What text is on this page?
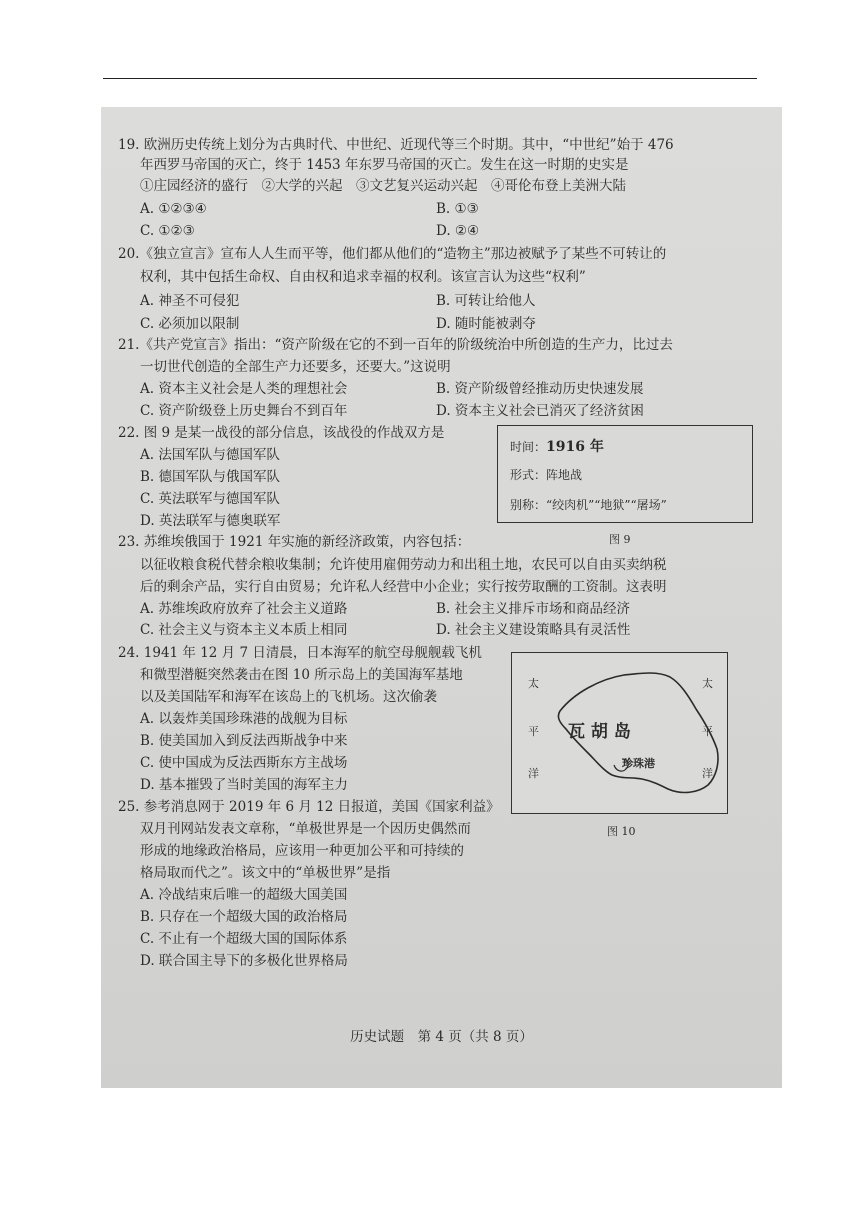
19. 欧洲历史传统上划分为古典时代、中世纪、近现代等三个时期。其中，“中世纪”始于 476
年西罗马帝国的灭亡，终于 1453 年东罗马帝国的灭亡。发生在这一时期的史实是
①庄园经济的盛行　②大学的兴起　③文艺复兴运动兴起　④哥伦布登上美洲大陆
A. ①②③④	B. ①③
C. ①②③	D. ②④
20.《独立宣言》宣布人人生而平等，他们都从他们的“造物主”那边被赋予了某些不可转让的
权利，其中包括生命权、自由权和追求幸福的权利。该宣言认为这些“权利”
A. 神圣不可侵犯	B. 可转让给他人
C. 必须加以限制	D. 随时能被剥夺
21.《共产党宣言》指出：“资产阶级在它的不到一百年的阶级统治中所创造的生产力，比过去
一切世代创造的全部生产力还要多，还要大。”这说明
A. 资本主义社会是人类的理想社会	B. 资产阶级曾经推动历史快速发展
C. 资产阶级登上历史舞台不到百年	D. 资本主义社会已消灭了经济贫困
22. 图 9 是某一战役的部分信息，该战役的作战双方是
A. 法国军队与德国军队
B. 德国军队与俄国军队
C. 英法联军与德国军队
D. 英法联军与德奥联军
时间：1916 年
形式：阵地战
别称：“绞肉机”“地狱”“屠场”
图 9
23. 苏维埃俄国于 1921 年实施的新经济政策，内容包括：
以征收粮食税代替余粮收集制；允许使用雇佣劳动力和出租土地，农民可以自由买卖纳税
后的剩余产品，实行自由贸易；允许私人经营中小企业；实行按劳取酬的工资制。这表明
A. 苏维埃政府放弃了社会主义道路	B. 社会主义排斥市场和商品经济
C. 社会主义与资本主义本质上相同	D. 社会主义建设策略具有灵活性
24. 1941 年 12 月 7 日清晨，日本海军的航空母舰舰载飞机
和微型潜艇突然袭击在图 10 所示岛上的美国海军基地
以及美国陆军和海军在该岛上的飞机场。这次偷袭
A. 以轰炸美国珍珠港的战舰为目标
B. 使美国加入到反法西斯战争中来
C. 使中国成为反法西斯东方主战场
D. 基本摧毁了当时美国的海军主力
太
平
洋
太
平
洋
瓦 胡 岛
珍珠港
图 10
25. 参考消息网于 2019 年 6 月 12 日报道，美国《国家利益》
双月刊网站发表文章称，“单极世界是一个因历史偶然而
形成的地缘政治格局，应该用一种更加公平和可持续的
格局取而代之”。该文中的“单极世界”是指
A. 冷战结束后唯一的超级大国美国
B. 只存在一个超级大国的政治格局
C. 不止有一个超级大国的国际体系
D. 联合国主导下的多极化世界格局
历史试题　第 4 页（共 8 页）
